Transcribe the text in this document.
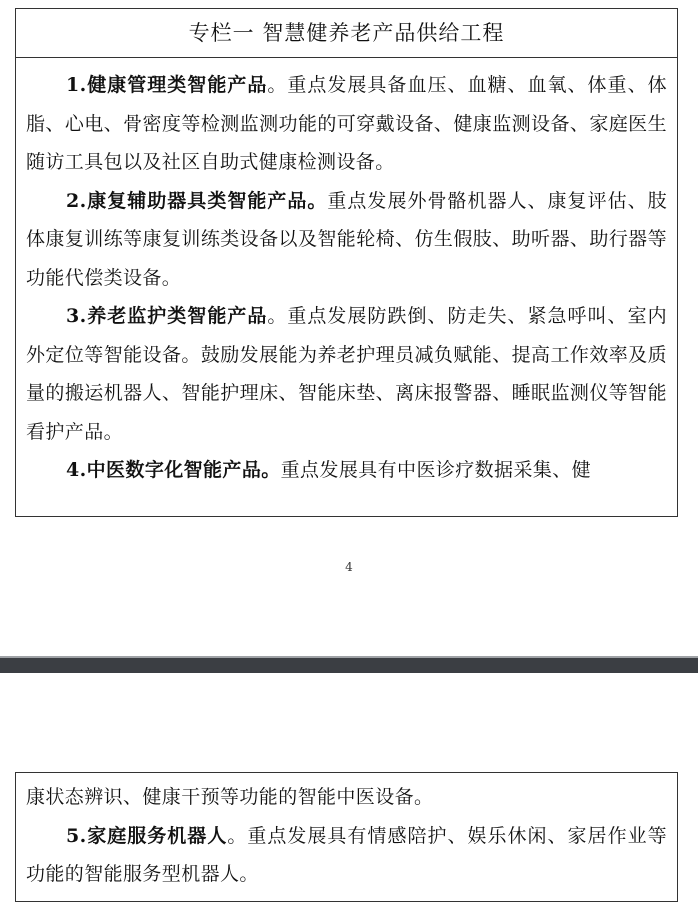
专栏一 智慧健养老产品供给工程

1.健康管理类智能产品。重点发展具备血压、血糖、血氧、体重、体脂、心电、骨密度等检测监测功能的可穿戴设备、健康监测设备、家庭医生随访工具包以及社区自助式健康检测设备。

2.康复辅助器具类智能产品。重点发展外骨骼机器人、康复评估、肢体康复训练等康复训练类设备以及智能轮椅、仿生假肢、助听器、助行器等功能代偿类设备。

3.养老监护类智能产品。重点发展防跌倒、防走失、紧急呼叫、室内外定位等智能设备。鼓励发展能为养老护理员减负赋能、提高工作效率及质量的搬运机器人、智能护理床、智能床垫、离床报警器、睡眠监测仪等智能看护产品。

4.中医数字化智能产品。重点发展具有中医诊疗数据采集、健

4

康状态辨识、健康干预等功能的智能中医设备。

5.家庭服务机器人。重点发展具有情感陪护、娱乐休闲、家居作业等功能的智能服务型机器人。
